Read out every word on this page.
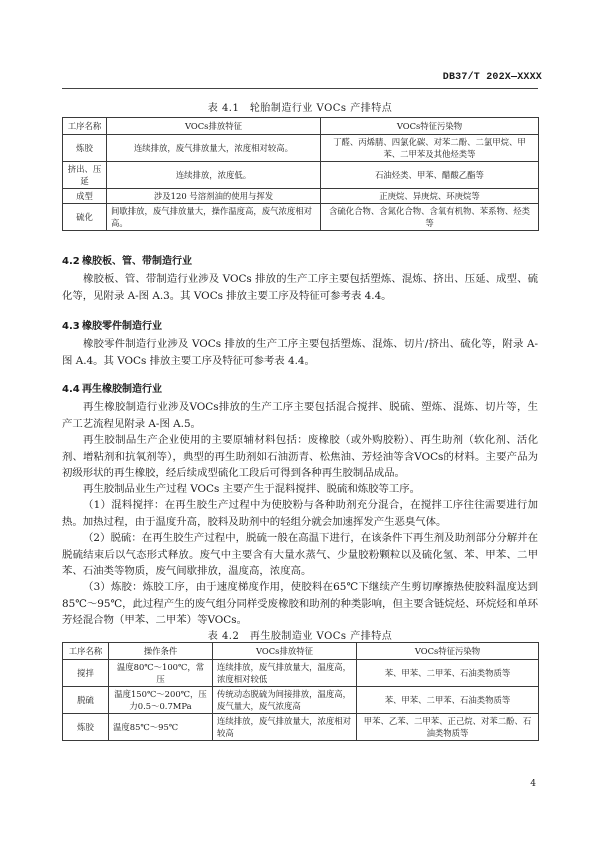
DB37/T 202X—XXXX
表 4.1　轮胎制造行业 VOCs 产排特点
工序名称	VOCs排放特征	VOCs特征污染物
炼胶	连续排放，废气排放量大，浓度相对较高。	丁醛、丙烯腈、四氯化碳、对苯二酚、二氯甲烷、甲苯、二甲苯及其他烃类等
挤出、压延	连续排放，浓度低。	石油烃类、甲苯、醋酸乙酯等
成型	涉及120 号溶剂油的使用与挥发	正庚烷、异庚烷、环庚烷等
硫化	间歇排放，废气排放量大，操作温度高，废气浓度相对高。	含硫化合物、含氮化合物、含氧有机物、苯系物、烃类等
4.2 橡胶板、管、带制造行业

橡胶板、管、带制造行业涉及 VOCs 排放的生产工序主要包括塑炼、混炼、挤出、压延、成型、硫化等，见附录 A-图 A.3。其 VOCs 排放主要工序及特征可参考表 4.4。

4.3 橡胶零件制造行业

橡胶零件制造行业涉及 VOCs 排放的生产工序主要包括塑炼、混炼、切片/挤出、硫化等，附录 A-图 A.4。其 VOCs 排放主要工序及特征可参考表 4.4。

4.4 再生橡胶制造行业

再生橡胶制造行业涉及VOCs排放的生产工序主要包括混合搅拌、脱硫、塑炼、混炼、切片等，生产工艺流程见附录 A-图 A.5。

再生胶制品生产企业使用的主要原辅材料包括：废橡胶（或外购胶粉）、再生助剂（软化剂、活化剂、增粘剂和抗氧剂等），典型的再生助剂如石油沥青、松焦油、芳烃油等含VOCs的材料。主要产品为初级形状的再生橡胶，经后续成型硫化工段后可得到各种再生胶制品成品。

再生胶制品业生产过程 VOCs 主要产生于混料搅拌、脱硫和炼胶等工序。

（1）混料搅拌：在再生胶生产过程中为使胶粉与各种助剂充分混合，在搅拌工序往往需要进行加热。加热过程，由于温度升高，胶料及助剂中的轻组分就会加速挥发产生恶臭气体。

（2）脱硫：在再生胶生产过程中，脱硫一般在高温下进行，在该条件下再生剂及助剂部分分解并在脱硫结束后以气态形式释放。废气中主要含有大量水蒸气、少量胶粉颗粒以及硫化氢、苯、甲苯、二甲苯、石油类等物质，废气间歇排放，温度高，浓度高。

（3）炼胶：炼胶工序，由于速度梯度作用，使胶料在65℃下继续产生剪切摩擦热使胶料温度达到85℃～95℃，此过程产生的废气组分同样受废橡胶和助剂的种类影响，但主要含链烷烃、环烷烃和单环芳烃混合物（甲苯、二甲苯）等VOCs。

表 4.2　再生胶制造业 VOCs 产排特点
工序名称	操作条件	VOCs排放特征	VOCs特征污染物
搅拌	温度80℃～100℃，常压	连续排放，废气排放量大，温度高，浓度相对较低	苯、甲苯、二甲苯、石油类物质等
脱硫	温度150℃～200℃，压力0.5～0.7MPa	传统动态脱硫为间接排放，温度高，废气量大，废气浓度高	苯、甲苯、二甲苯、石油类物质等
炼胶	温度85℃～95℃	连续排放，废气排放量大，浓度相对较高	甲苯、乙苯、二甲苯、正己烷、对苯二酚、石油类物质等
4
